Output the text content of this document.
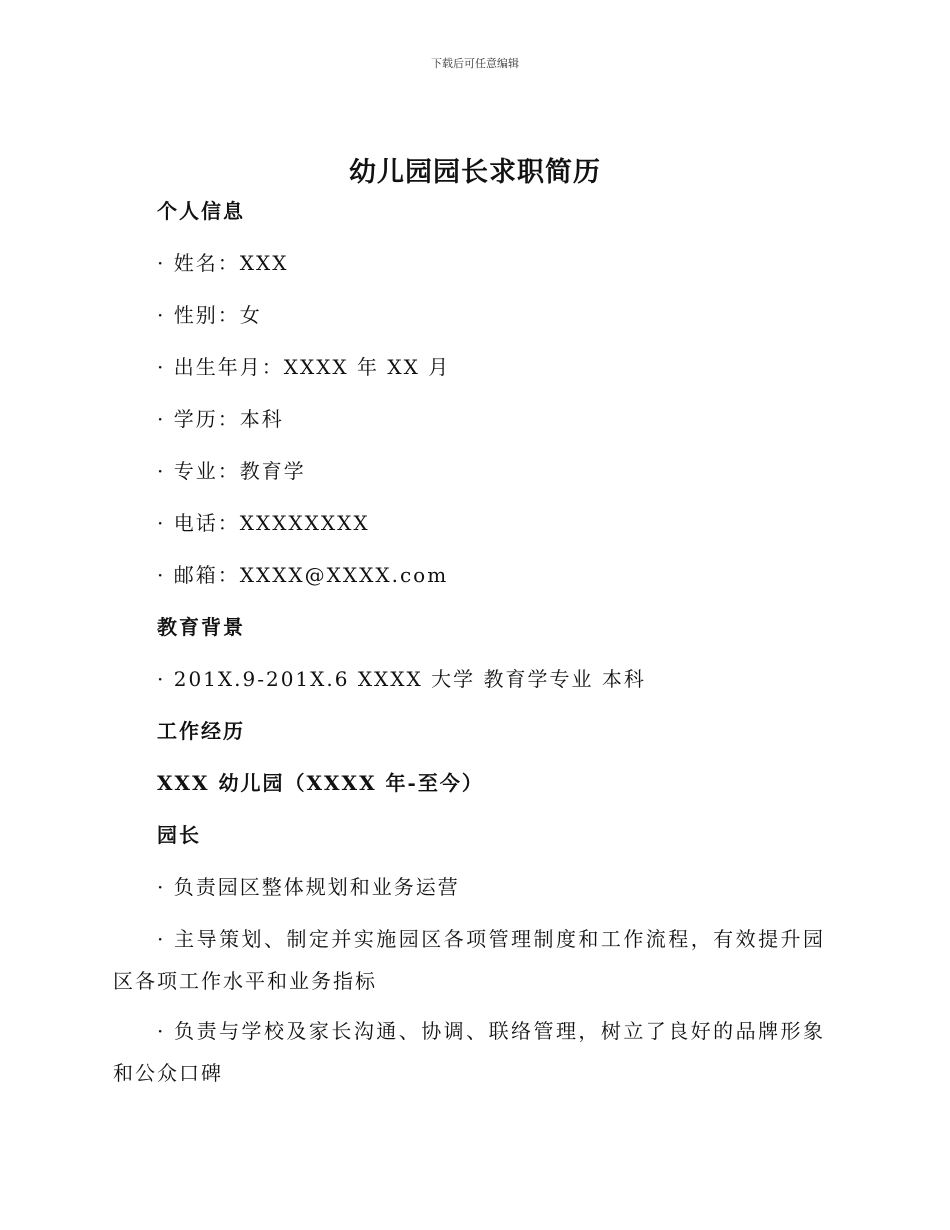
下载后可任意编辑
幼儿园园长求职简历

个人信息

· 姓名：XXX

· 性别：女

· 出生年月：XXXX 年 XX 月

· 学历：本科

· 专业：教育学

· 电话：XXXXXXXX

· 邮箱：XXXX@XXXX.com

教育背景

· 201X.9-201X.6 XXXX 大学 教育学专业 本科

工作经历

XXX 幼儿园（XXXX 年-至今）

园长

· 负责园区整体规划和业务运营

· 主导策划、制定并实施园区各项管理制度和工作流程，有效提升园区各项工作水平和业务指标

· 负责与学校及家长沟通、协调、联络管理，树立了良好的品牌形象和公众口碑
